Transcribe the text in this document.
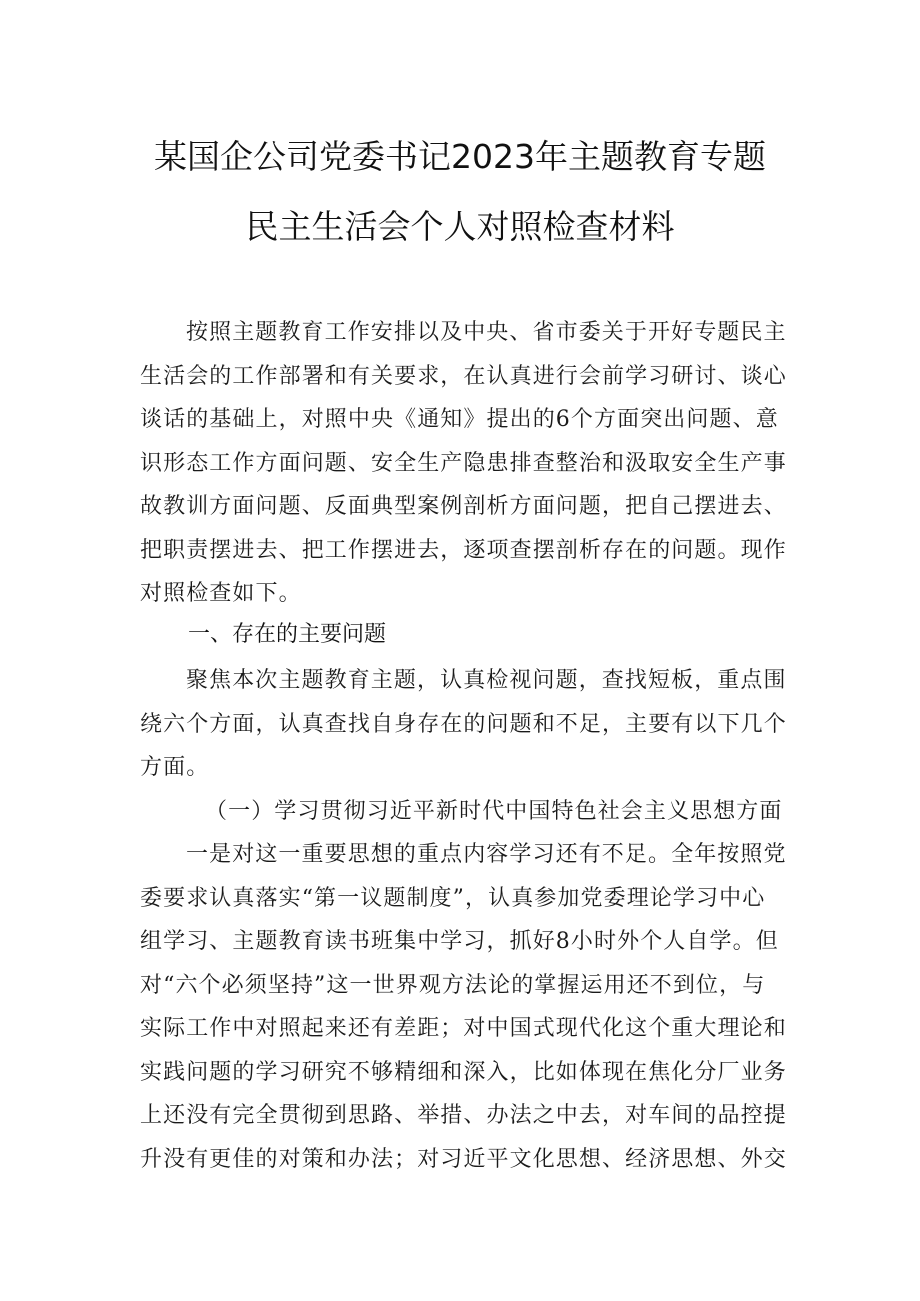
某国企公司党委书记2023年主题教育专题
民主生活会个人对照检查材料
按照主题教育工作安排以及中央、省市委关于开好专题民主
生活会的工作部署和有关要求，在认真进行会前学习研讨、谈心
谈话的基础上，对照中央《通知》提出的6个方面突出问题、意
识形态工作方面问题、安全生产隐患排查整治和汲取安全生产事
故教训方面问题、反面典型案例剖析方面问题，把自己摆进去、
把职责摆进去、把工作摆进去，逐项查摆剖析存在的问题。现作
对照检查如下。
一、存在的主要问题
聚焦本次主题教育主题，认真检视问题，查找短板，重点围
绕六个方面，认真查找自身存在的问题和不足，主要有以下几个
方面。
（一）学习贯彻习近平新时代中国特色社会主义思想方面
一是对这一重要思想的重点内容学习还有不足。全年按照党
委要求认真落实“第一议题制度”，认真参加党委理论学习中心
组学习、主题教育读书班集中学习，抓好8小时外个人自学。但
对“六个必须坚持”这一世界观方法论的掌握运用还不到位，与
实际工作中对照起来还有差距；对中国式现代化这个重大理论和
实践问题的学习研究不够精细和深入，比如体现在焦化分厂业务
上还没有完全贯彻到思路、举措、办法之中去，对车间的品控提
升没有更佳的对策和办法；对习近平文化思想、经济思想、外交
